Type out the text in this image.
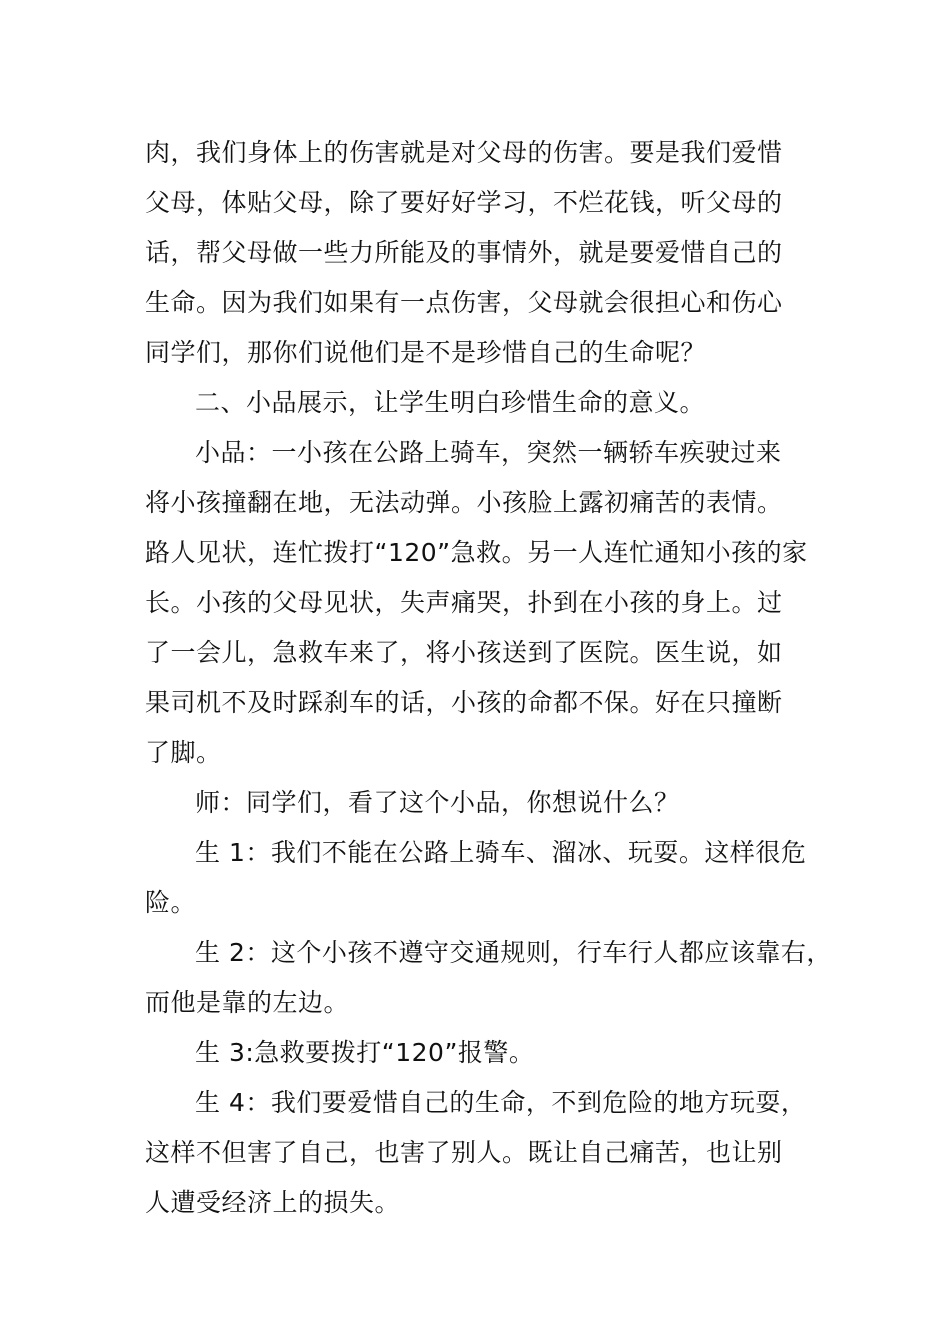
肉，我们身体上的伤害就是对父母的伤害。要是我们爱惜
父母，体贴父母，除了要好好学习，不烂花钱，听父母的
话，帮父母做一些力所能及的事情外，就是要爱惜自己的
生命。因为我们如果有一点伤害，父母就会很担心和伤心
同学们，那你们说他们是不是珍惜自己的生命呢？
二、小品展示，让学生明白珍惜生命的意义。
小品：一小孩在公路上骑车，突然一辆轿车疾驶过来
将小孩撞翻在地，无法动弹。小孩脸上露初痛苦的表情。
路人见状，连忙拨打“120”急救。另一人连忙通知小孩的家
长。小孩的父母见状，失声痛哭，扑到在小孩的身上。过
了一会儿，急救车来了，将小孩送到了医院。医生说，如
果司机不及时踩刹车的话，小孩的命都不保。好在只撞断
了脚。
师：同学们，看了这个小品，你想说什么？
生 1：我们不能在公路上骑车、溜冰、玩耍。这样很危
险。
生 2：这个小孩不遵守交通规则，行车行人都应该靠右，
而他是靠的左边。
生 3:急救要拨打“120”报警。
生 4：我们要爱惜自己的生命，不到危险的地方玩耍，
这样不但害了自己，也害了别人。既让自己痛苦，也让别
人遭受经济上的损失。
